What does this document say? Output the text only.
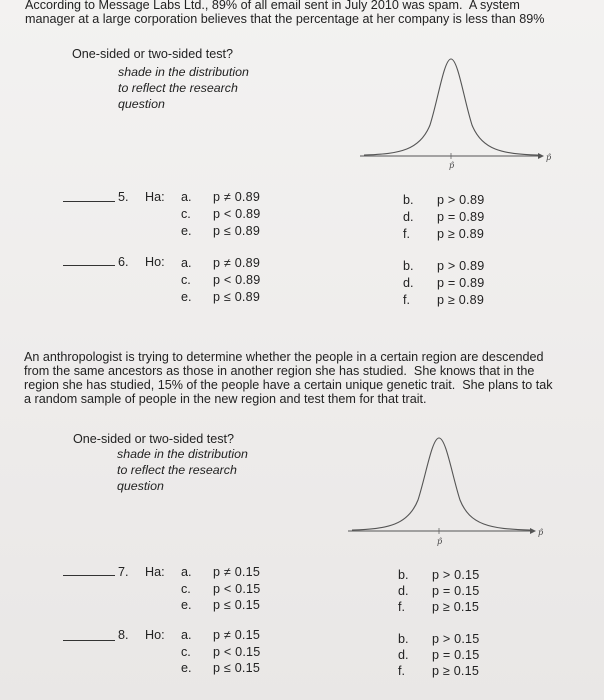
According to Message Labs Ltd., 89% of all email sent in July 2010 was spam.  A system
manager at a large corporation believes that the percentage at her company is less than 89%
One-sided or two-sided test?
shade in the distribution
to reflect the research
question
p̂
p̂
5. Ha: a. p ≠ 0.89
c. p < 0.89
e. p ≤ 0.89
b. p > 0.89
d. p = 0.89
f. p ≥ 0.89
6. Ho: a. p ≠ 0.89
c. p < 0.89
e. p ≤ 0.89
b. p > 0.89
d. p = 0.89
f. p ≥ 0.89
An anthropologist is trying to determine whether the people in a certain region are descended
from the same ancestors as those in another region she has studied.  She knows that in the
region she has studied, 15% of the people have a certain unique genetic trait.  She plans to tak
a random sample of people in the new region and test them for that trait.
One-sided or two-sided test?
shade in the distribution
to reflect the research
question
p̂
p̂
7. Ha: a. p ≠ 0.15
c. p < 0.15
e. p ≤ 0.15
b. p > 0.15
d. p = 0.15
f. p ≥ 0.15
8. Ho: a. p ≠ 0.15
c. p < 0.15
e. p ≤ 0.15
b. p > 0.15
d. p = 0.15
f. p ≥ 0.15
